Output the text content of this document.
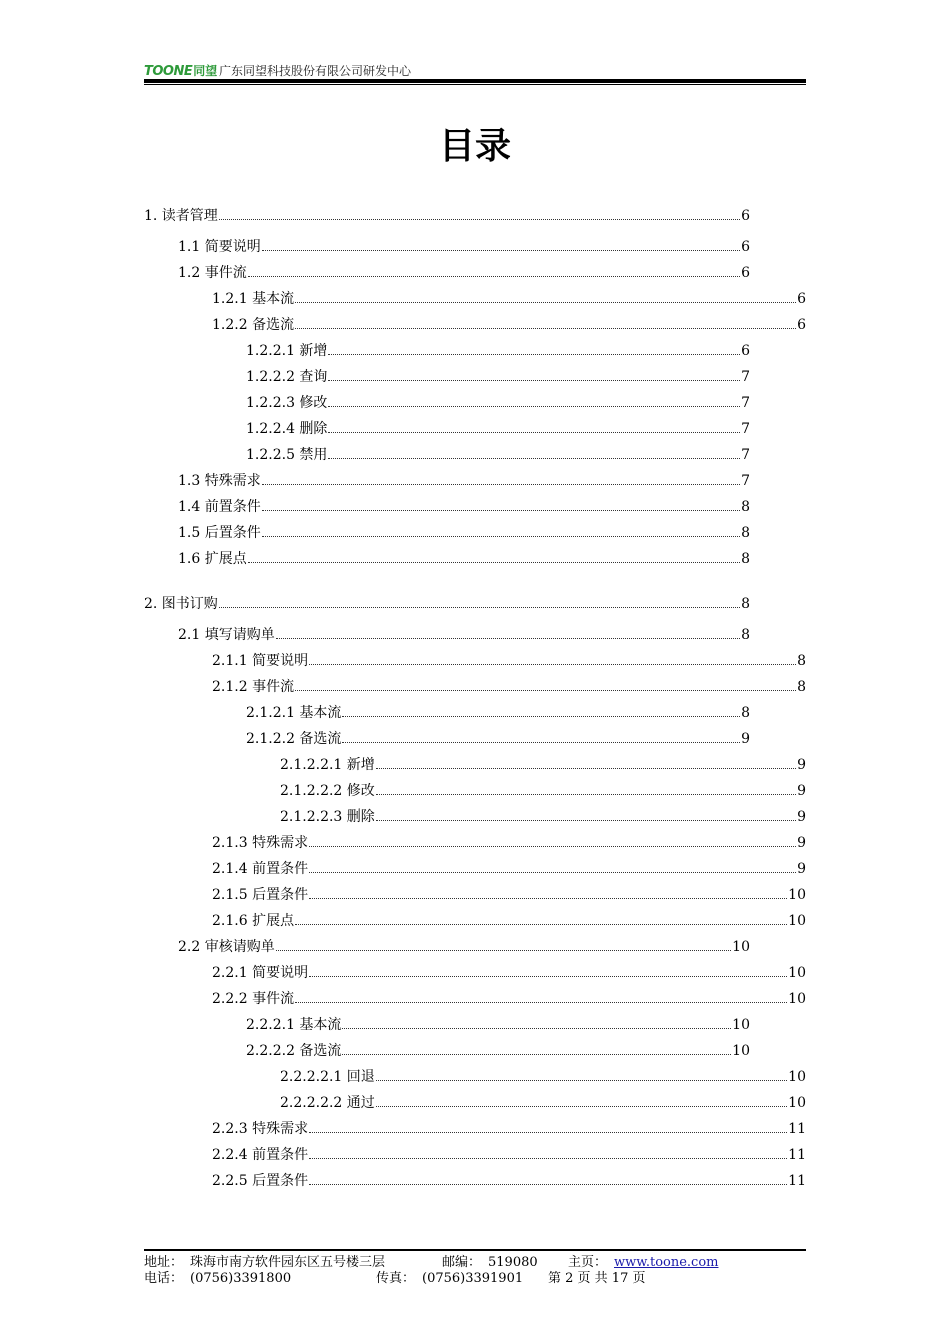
TOONE 同望 广东同望科技股份有限公司研发中心
目录
1. 读者管理	6
1.1 简要说明	6
1.2 事件流	6
1.2.1 基本流	6
1.2.2 备选流	6
1.2.2.1 新增	6
1.2.2.2 查询	7
1.2.2.3 修改	7
1.2.2.4 删除	7
1.2.2.5 禁用	7
1.3 特殊需求	7
1.4 前置条件	8
1.5 后置条件	8
1.6 扩展点	8
2. 图书订购	8
2.1 填写请购单	8
2.1.1 简要说明	8
2.1.2 事件流	8
2.1.2.1 基本流	8
2.1.2.2 备选流	9
2.1.2.2.1 新增	9
2.1.2.2.2 修改	9
2.1.2.2.3 删除	9
2.1.3 特殊需求	9
2.1.4 前置条件	9
2.1.5 后置条件	10
2.1.6 扩展点	10
2.2 审核请购单	10
2.2.1 简要说明	10
2.2.2 事件流	10
2.2.2.1 基本流	10
2.2.2.2 备选流	10
2.2.2.2.1 回退	10
2.2.2.2.2 通过	10
2.2.3 特殊需求	11
2.2.4 前置条件	11
2.2.5 后置条件	11
地址： 珠海市南方软件园东区五号楼三层	邮编： 519080 主页： www.toone.com
电话： (0756)3391800	传真： (0756)3391901 第 2 页 共 17 页
